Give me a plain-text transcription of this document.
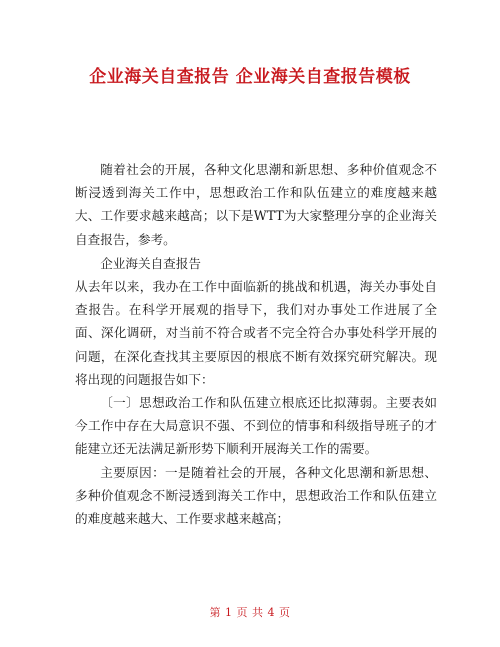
企业海关自查报告 企业海关自查报告模板

随着社会的开展，各种文化思潮和新思想、多种价值观念不断浸透到海关工作中，思想政治工作和队伍建立的难度越来越大、工作要求越来越高；以下是WTT为大家整理分享的企业海关自查报告，参考。

企业海关自查报告

从去年以来，我办在工作中面临新的挑战和机遇，海关办事处自查报告。在科学开展观的指导下，我们对办事处工作进展了全面、深化调研，对当前不符合或者不完全符合办事处科学开展的问题，在深化查找其主要原因的根底不断有效探究研究解决。现将出现的问题报告如下：

〔一〕思想政治工作和队伍建立根底还比拟薄弱。主要表如今工作中存在大局意识不强、不到位的情事和科级指导班子的才能建立还无法满足新形势下顺利开展海关工作的需要。

主要原因：一是随着社会的开展，各种文化思潮和新思想、多种价值观念不断浸透到海关工作中，思想政治工作和队伍建立的难度越来越大、工作要求越来越高；

第 1 页 共 4 页
